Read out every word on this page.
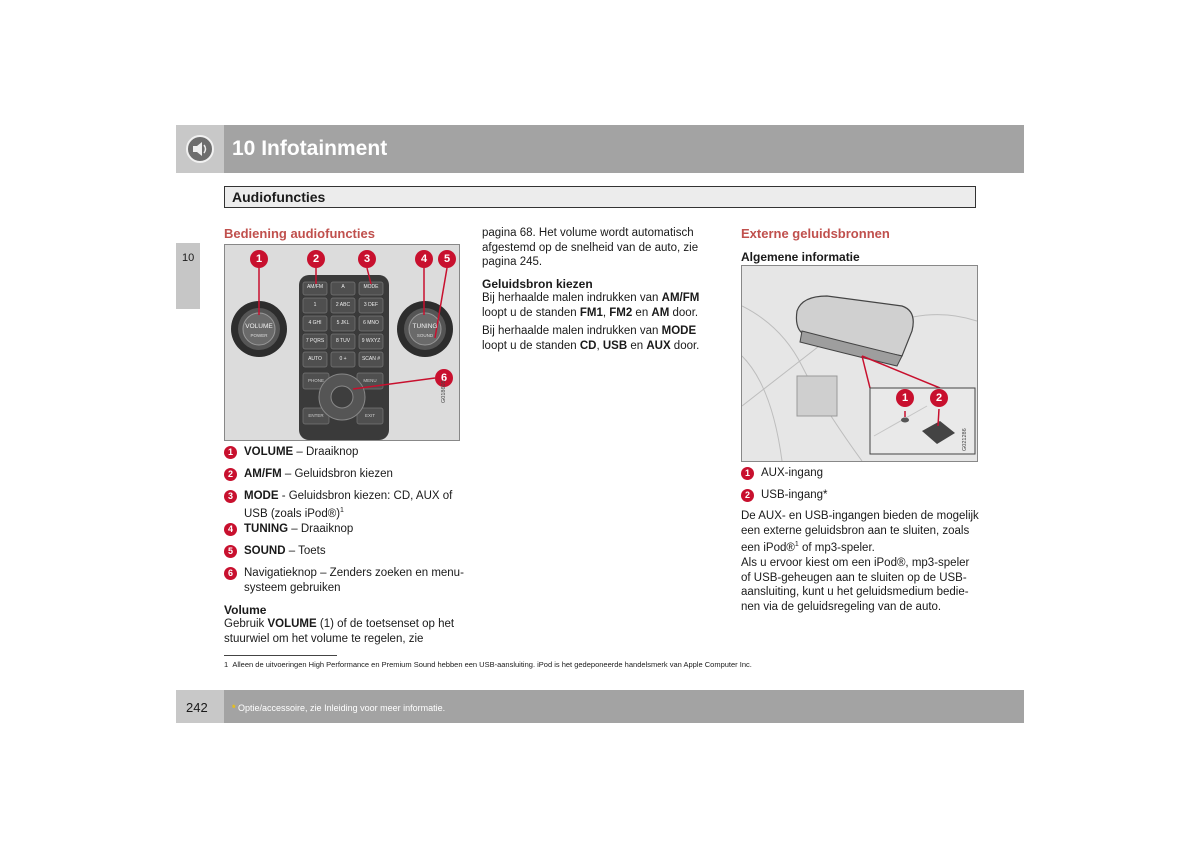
10 Infotainment
Audiofuncties
10
Bediening audiofuncties
VOLUME
POWER
TUNING
SOUND
AM/FM	A	MODE
1	2 ABC	3 DEF
4 GHI	5 JKL	6 MNO
7 PQRS	8 TUV	9 WXYZ
AUTO	0 +	SCAN #
PHONE	MENU
ENTER	EXIT
1	2	3	4	5
6
G018605
1 VOLUME – Draaiknop
2 AM/FM – Geluidsbron kiezen
3 MODE - Geluidsbron kiezen: CD, AUX of
USB (zoals iPod®)$^1$
4 TUNING – Draaiknop
5 SOUND – Toets
6 Navigatieknop – Zenders zoeken en menu-
systeem gebruiken
Volume
Gebruik VOLUME (1) of de toetsenset op het
stuurwiel om het volume te regelen, zie
pagina 68. Het volume wordt automatisch
afgestemd op de snelheid van de auto, zie
pagina 245.
Geluidsbron kiezen
Bij herhaalde malen indrukken van AM/FM
loopt u de standen FM1, FM2 en AM door.
Bij herhaalde malen indrukken van MODE
loopt u de standen CD, USB en AUX door.
Externe geluidsbronnen
Algemene informatie
1	2
G021286
1 AUX-ingang
2 USB-ingang*
De AUX- en USB-ingangen bieden de mogelijk
een externe geluidsbron aan te sluiten, zoals
een iPod®$^1$ of mp3-speler.
Als u ervoor kiest om een iPod®, mp3-speler
of USB-geheugen aan te sluiten op de USB-
aansluiting, kunt u het geluidsmedium bedie-
nen via de geluidsregeling van de auto.
1 Alleen de uitvoeringen High Performance en Premium Sound hebben een USB-aansluiting. iPod is het gedeponeerde handelsmerk van Apple Computer Inc.
242	* Optie/accessoire, zie Inleiding voor meer informatie.
